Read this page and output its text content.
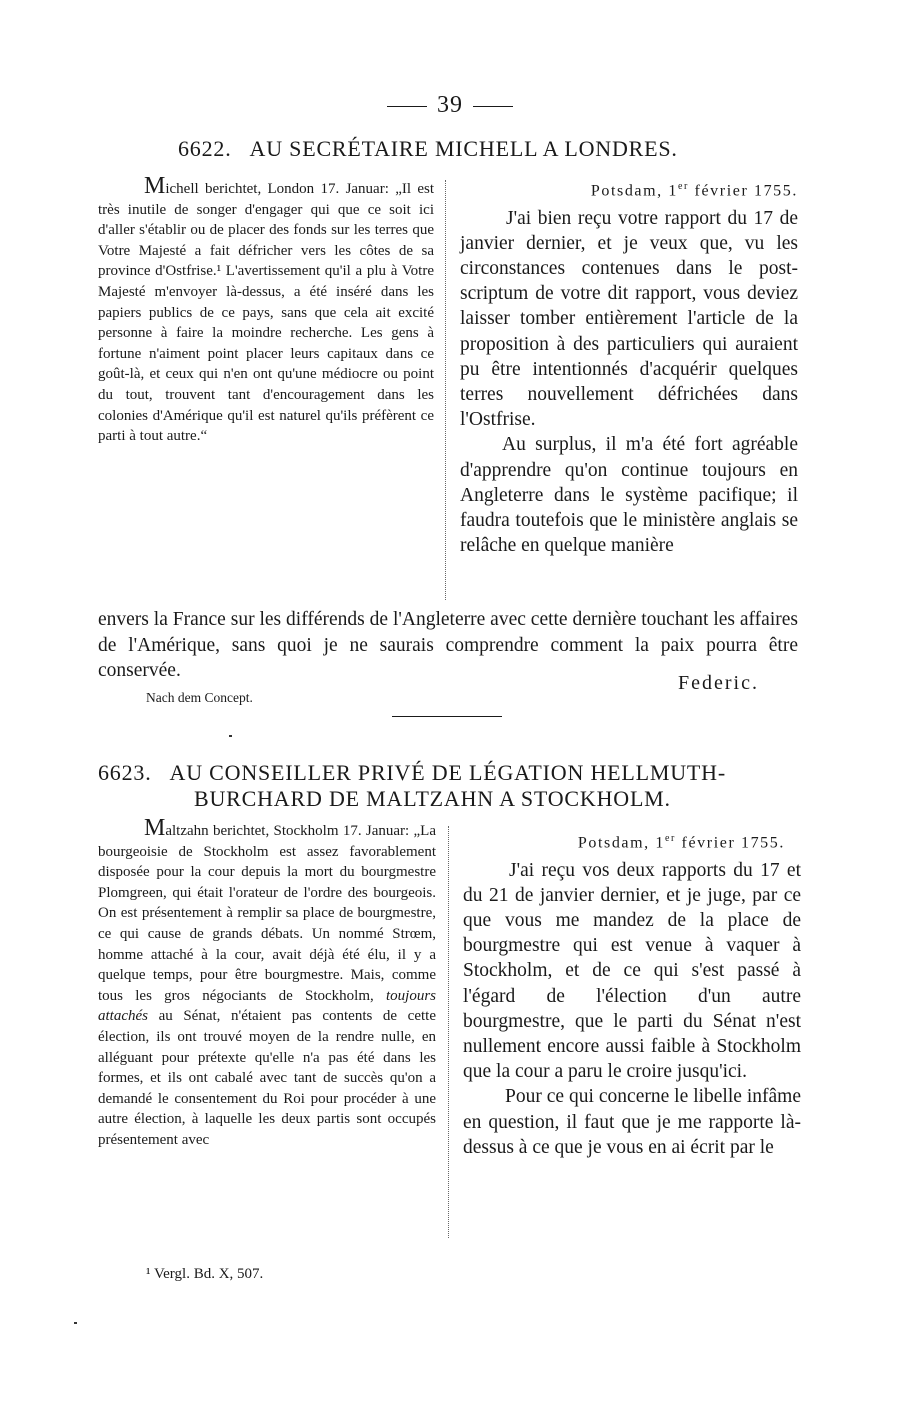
39
6622. AU SECRÉTAIRE MICHELL A LONDRES.

Michell berichtet, London 17. Januar: „Il est très inutile de songer d'engager qui que ce soit ici d'aller s'établir ou de placer des fonds sur les terres que Votre Majesté a fait défricher vers les côtes de sa province d'Ostfrise.¹ L'avertissement qu'il a plu à Votre Majesté m'envoyer là-dessus, a été inséré dans les papiers publics de ce pays, sans que cela ait excité personne à faire la moindre recherche. Les gens à fortune n'aiment point placer leurs capitaux dans ce goût-là, et ceux qui n'en ont qu'une médiocre ou point du tout, trouvent tant d'encouragement dans les colonies d'Amérique qu'il est naturel qu'ils préfèrent ce parti à tout autre.“

Potsdam, 1er février 1755.

J'ai bien reçu votre rapport du 17 de janvier dernier, et je veux que, vu les circonstances contenues dans le post-scriptum de votre dit rapport, vous deviez laisser tomber entièrement l'article de la proposition à des particuliers qui auraient pu être intentionnés d'acquérir quelques terres nouvellement défrichées dans l'Ostfrise.

Au surplus, il m'a été fort agréable d'apprendre qu'on continue toujours en Angleterre dans le système pacifique; il faudra toutefois que le ministère anglais se relâche en quelque manière

envers la France sur les différends de l'Angleterre avec cette dernière touchant les affaires de l'Amérique, sans quoi je ne saurais comprendre comment la paix pourra être conservée.
Federic.
Nach dem Concept.
6623. AU CONSEILLER PRIVÉ DE LÉGATION HELLMUTH-
BURCHARD DE MALTZAHN A STOCKHOLM.

Maltzahn berichtet, Stockholm 17. Januar: „La bourgeoisie de Stockholm est assez favorablement disposée pour la cour depuis la mort du bourgmestre Plomgreen, qui était l'orateur de l'ordre des bourgeois. On est présentement à remplir sa place de bourgmestre, ce qui cause de grands débats. Un nommé Strœm, homme attaché à la cour, avait déjà été élu, il y a quelque temps, pour être bourgmestre. Mais, comme tous les gros négociants de Stockholm, toujours attachés au Sénat, n'étaient pas contents de cette élection, ils ont trouvé moyen de la rendre nulle, en alléguant pour prétexte qu'elle n'a pas été dans les formes, et ils ont cabalé avec tant de succès qu'on a demandé le consentement du Roi pour procéder à une autre élection, à laquelle les deux partis sont occupés présentement avec

Potsdam, 1er février 1755.

J'ai reçu vos deux rapports du 17 et du 21 de janvier dernier, et je juge, par ce que vous me mandez de la place de bourgmestre qui est venue à vaquer à Stockholm, et de ce qui s'est passé à l'égard de l'élection d'un autre bourgmestre, que le parti du Sénat n'est nullement encore aussi faible à Stockholm que la cour a paru le croire jusqu'ici.

Pour ce qui concerne le libelle infâme en question, il faut que je me rapporte là-dessus à ce que je vous en ai écrit par le

¹ Vergl. Bd. X, 507.
